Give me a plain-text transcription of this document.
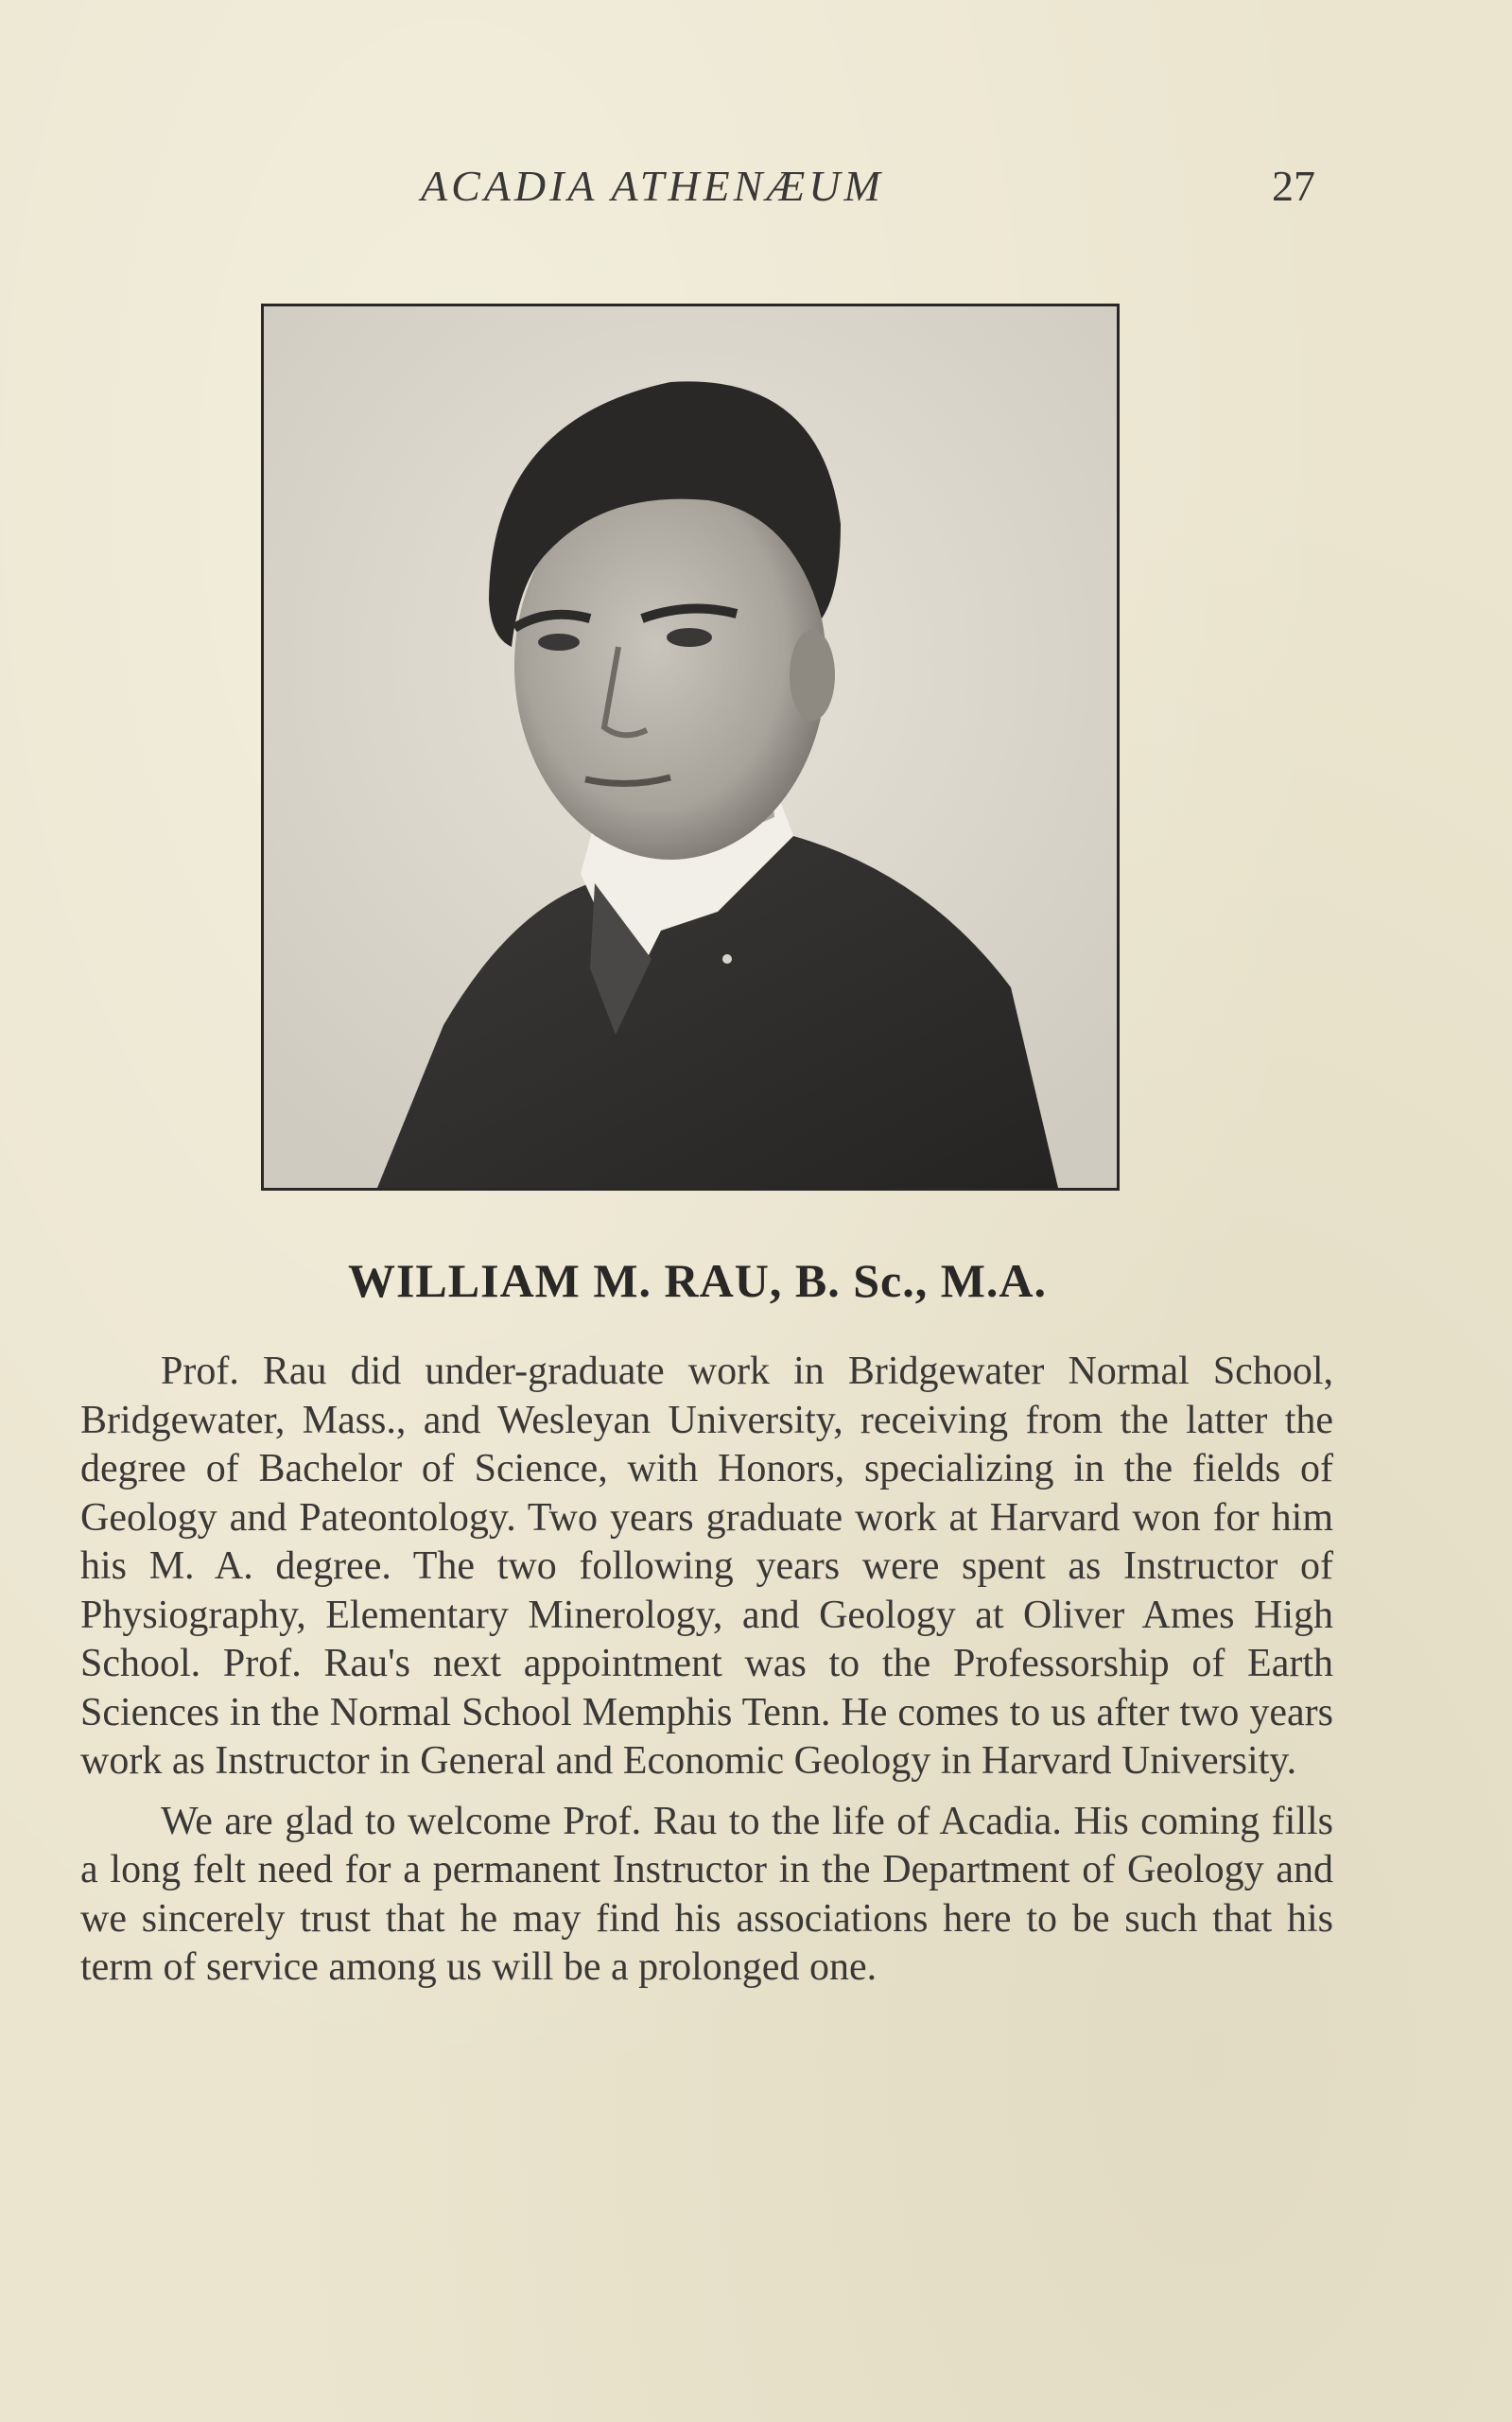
ACADIA ATHENÆUM	27
WILLIAM M. RAU, B. Sc., M.A.

Prof. Rau did under-graduate work in Bridgewater Normal School, Bridgewater, Mass., and Wesleyan University, receiving from the latter the degree of Bachelor of Science, with Honors, specializing in the fields of Geology and Pateontology. Two years graduate work at Harvard won for him his M. A. degree. The two following years were spent as Instructor of Physiography, Elementary Minerology, and Geology at Oliver Ames High School. Prof. Rau's next appointment was to the Professorship of Earth Sciences in the Normal School Memphis Tenn. He comes to us after two years work as Instructor in General and Economic Geology in Harvard University.

We are glad to welcome Prof. Rau to the life of Acadia. His coming fills a long felt need for a permanent Instructor in the Department of Geology and we sincerely trust that he may find his associations here to be such that his term of service among us will be a prolonged one.
